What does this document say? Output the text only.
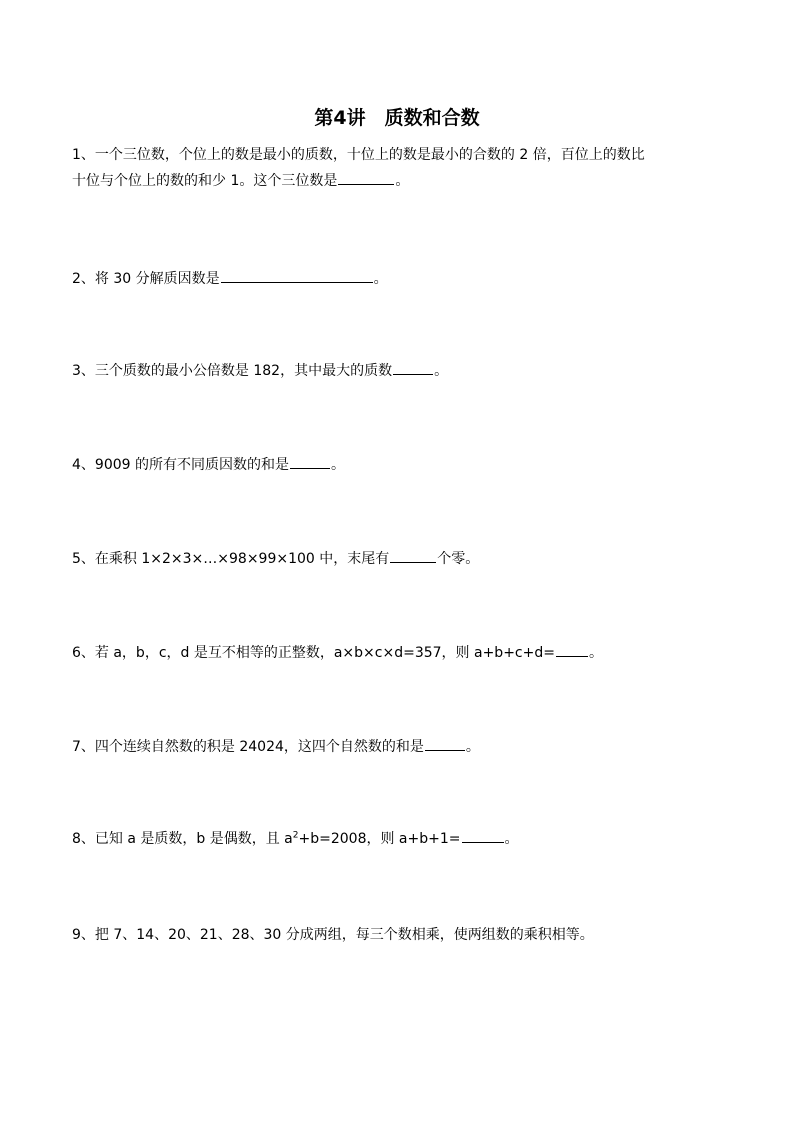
第4讲　质数和合数
1、一个三位数，个位上的数是最小的质数，十位上的数是最小的合数的 2 倍，百位上的数比
十位与个位上的数的和少 1。这个三位数是	。
2、将 30 分解质因数是	。
3、三个质数的最小公倍数是 182，其中最大的质数	。
4、9009 的所有不同质因数的和是	。
5、在乘积 1×2×3×…×98×99×100 中，末尾有	个零。
6、若 a，b，c，d 是互不相等的正整数，a×b×c×d=357，则 a+b+c+d= 。
7、四个连续自然数的积是 24024，这四个自然数的和是	。
8、已知 a 是质数，b 是偶数，且 $a^2+b=2008$，则 a+b+1=	。
9、把 7、14、20、21、28、30 分成两组，每三个数相乘，使两组数的乘积相等。
